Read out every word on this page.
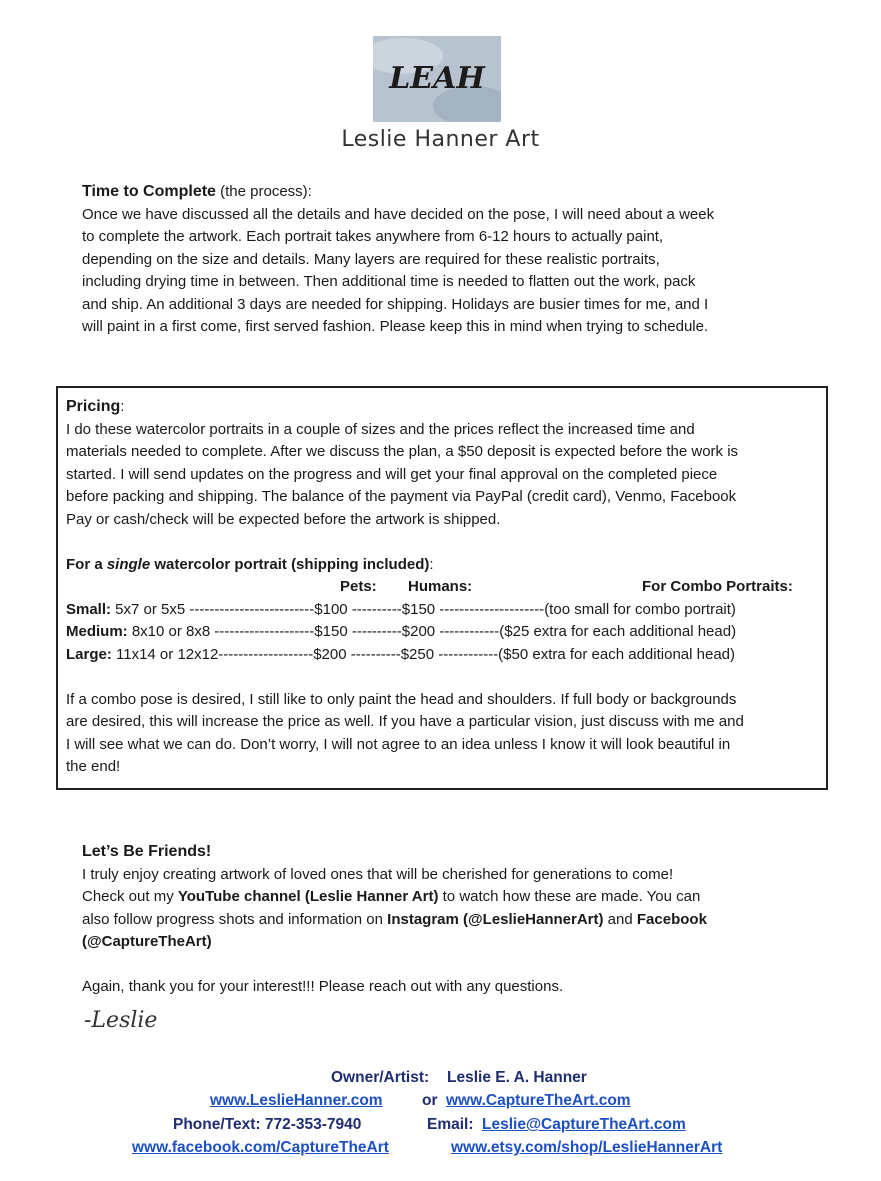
LEAH
Leslie Hanner Art
Time to Complete (the process):
Once we have discussed all the details and have decided on the pose, I will need about a week
to complete the artwork. Each portrait takes anywhere from 6-12 hours to actually paint,
depending on the size and details. Many layers are required for these realistic portraits,
including drying time in between. Then additional time is needed to flatten out the work, pack
and ship. An additional 3 days are needed for shipping. Holidays are busier times for me, and I
will paint in a first come, first served fashion. Please keep this in mind when trying to schedule.
Pricing:
I do these watercolor portraits in a couple of sizes and the prices reflect the increased time and
materials needed to complete. After we discuss the plan, a $50 deposit is expected before the work is
started. I will send updates on the progress and will get your final approval on the completed piece
before packing and shipping. The balance of the payment via PayPal (credit card), Venmo, Facebook
Pay or cash/check will be expected before the artwork is shipped.
For a single watercolor portrait (shipping included):
Pets: Humans:	For Combo Portraits:
Small: 5x7 or 5x5 -------------------------$100 ----------$150 ---------------------(too small for combo portrait)
Medium: 8x10 or 8x8 --------------------$150 ----------$200 ------------($25 extra for each additional head)
Large: 11x14 or 12x12-------------------$200 ----------$250 ------------($50 extra for each additional head)
If a combo pose is desired, I still like to only paint the head and shoulders. If full body or backgrounds
are desired, this will increase the price as well. If you have a particular vision, just discuss with me and
I will see what we can do. Don’t worry, I will not agree to an idea unless I know it will look beautiful in
the end!
Let’s Be Friends!
I truly enjoy creating artwork of loved ones that will be cherished for generations to come!
Check out my YouTube channel (Leslie Hanner Art) to watch how these are made. You can
also follow progress shots and information on Instagram (@LeslieHannerArt) and Facebook
(@CaptureTheArt)
Again, thank you for your interest!!! Please reach out with any questions.
-Leslie
Owner/Artist: Leslie E. A. Hanner
www.LeslieHanner.com	or www.CaptureTheArt.com
Phone/Text: 772-353-7940	Email: Leslie@CaptureTheArt.com
www.facebook.com/CaptureTheArt	www.etsy.com/shop/LeslieHannerArt
